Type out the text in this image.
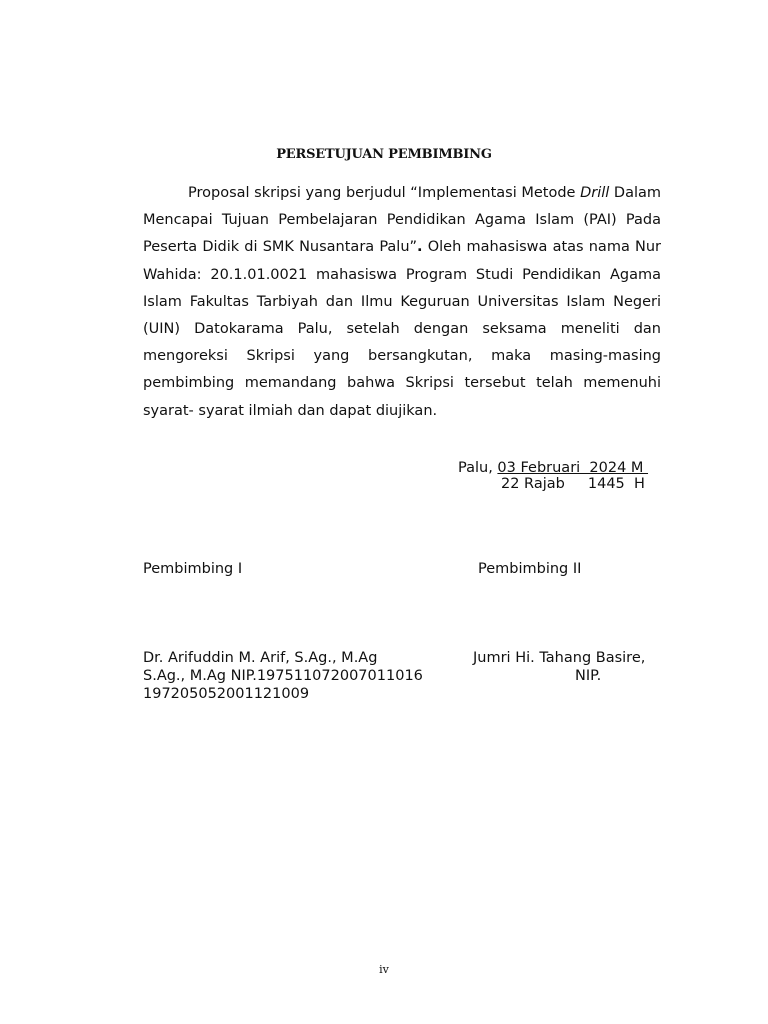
PERSETUJUAN PEMBIMBING

Proposal skripsi yang berjudul “Implementasi Metode Drill Dalam Mencapai Tujuan Pembelajaran Pendidikan Agama Islam (PAI) Pada Peserta Didik di SMK Nusantara Palu”. Oleh mahasiswa atas nama Nur Wahida: 20.1.01.0021 mahasiswa Program Studi Pendidikan Agama Islam Fakultas Tarbiyah dan Ilmu Keguruan Universitas Islam Negeri (UIN) Datokarama Palu, setelah dengan seksama meneliti dan mengoreksi Skripsi yang bersangkutan, maka masing-masing pembimbing memandang bahwa Skripsi tersebut telah memenuhi syarat- syarat ilmiah dan dapat diujikan.

Palu, 03 Februari  2024 M
22 Rajab     1445  H
Pembimbing I	Pembimbing II

Dr. Arifuddin M. Arif, S.Ag., M.Ag

	Jumri Hi. Tahang Basire,

S.Ag., M.Ag NIP.197511072007011016

	NIP.

197205052001121009

iv
